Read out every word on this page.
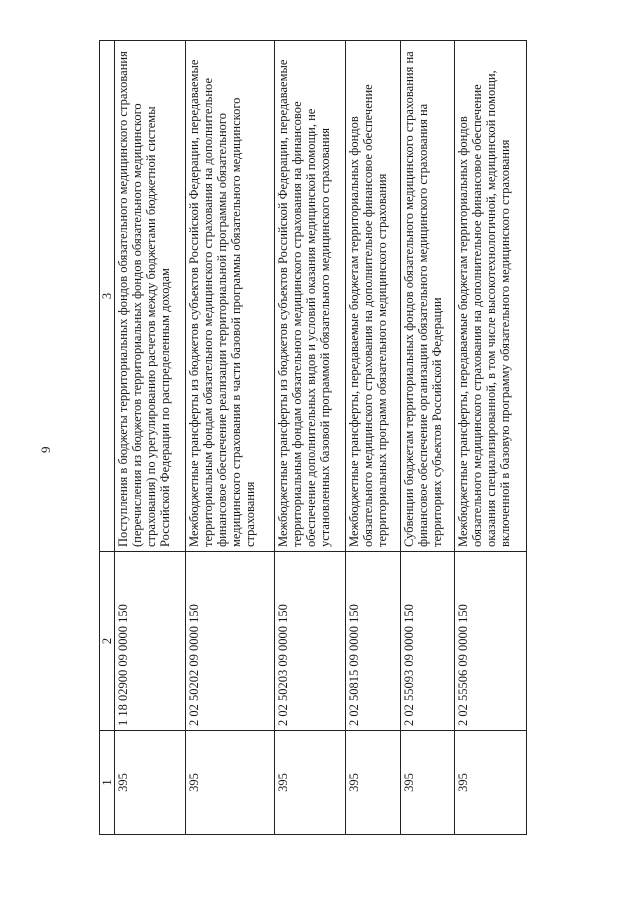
9
1	2	3
395	1 18 02900 09 0000 150	Поступления в бюджеты территориальных фондов обязательного медицинского страхования (перечисления из бюджетов территориальных фондов обязательного медицинского страхования) по урегулированию расчетов между бюджетами бюджетной системы Российской Федерации по распределенным доходам
395	2 02 50202 09 0000 150	Межбюджетные трансферты из бюджетов субъектов Российской Федерации, передаваемые территориальным фондам обязательного медицинского страхования на дополнительное финансовое обеспечение реализации территориальной программы обязательного медицинского страхования в части базовой программы обязательного медицинского страхования
395	2 02 50203 09 0000 150	Межбюджетные трансферты из бюджетов субъектов Российской Федерации, передаваемые территориальным фондам обязательного медицинского страхования на финансовое обеспечение дополнительных видов и условий оказания медицинской помощи, не установленных базовой программой обязательного медицинского страхования
395	2 02 50815 09 0000 150	Межбюджетные трансферты, передаваемые бюджетам территориальных фондов обязательного медицинского страхования на дополнительное финансовое обеспечение территориальных программ обязательного медицинского страхования
395	2 02 55093 09 0000 150	Субвенции бюджетам территориальных фондов обязательного медицинского страхования на финансовое обеспечение организации обязательного медицинского страхования на территориях субъектов Российской Федерации
395	2 02 55506 09 0000 150	Межбюджетные трансферты, передаваемые бюджетам территориальных фондов обязательного медицинского страхования на дополнительное финансовое обеспечение оказания специализированной, в том числе высокотехнологичной, медицинской помощи, включенной в базовую программу обязательного медицинского страхования
